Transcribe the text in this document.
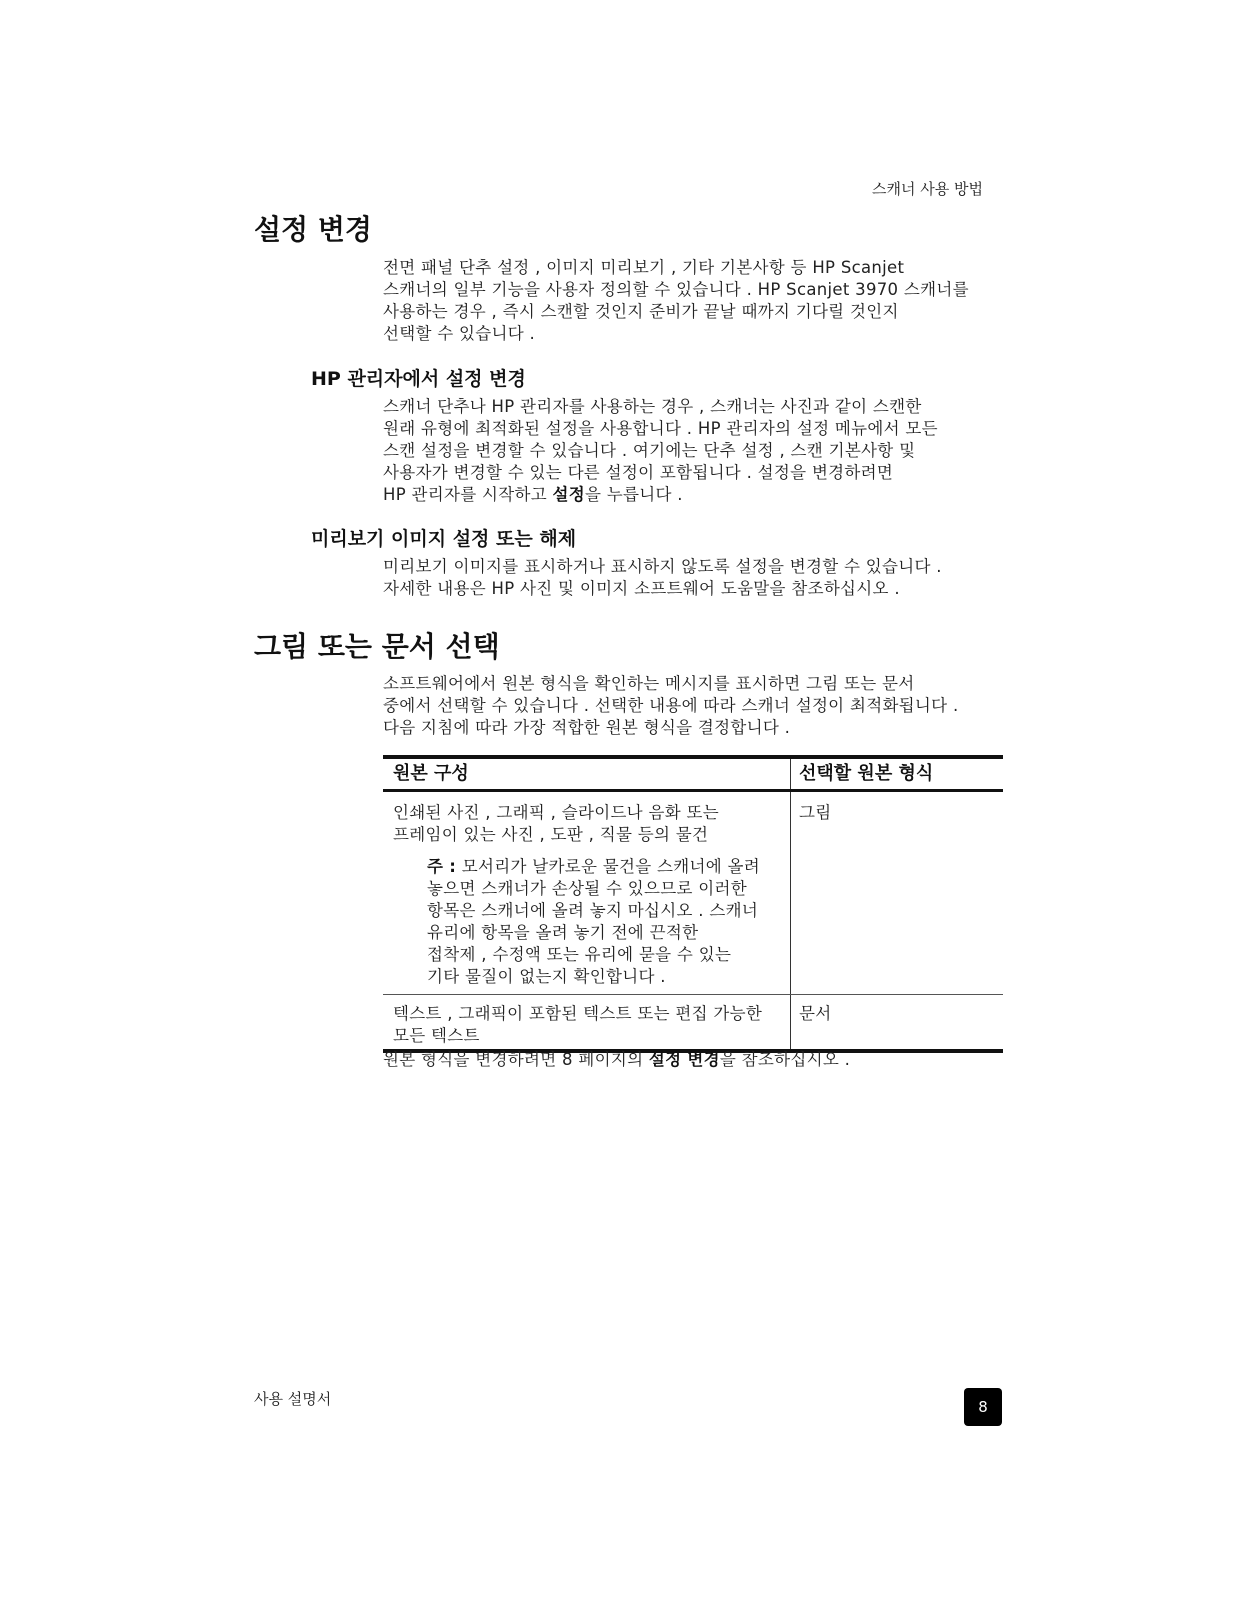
스캐너 사용 방법
설정 변경
전면 패널 단추 설정 , 이미지 미리보기 , 기타 기본사항 등 HP Scanjet
스캐너의 일부 기능을 사용자 정의할 수 있습니다 . HP Scanjet 3970 스캐너를
사용하는 경우 , 즉시 스캔할 것인지 준비가 끝날 때까지 기다릴 것인지
선택할 수 있습니다 .
HP 관리자에서 설정 변경
스캐너 단추나 HP 관리자를 사용하는 경우 , 스캐너는 사진과 같이 스캔한
원래 유형에 최적화된 설정을 사용합니다 . HP 관리자의 설정 메뉴에서 모든
스캔 설정을 변경할 수 있습니다 . 여기에는 단추 설정 , 스캔 기본사항 및
사용자가 변경할 수 있는 다른 설정이 포함됩니다 . 설정을 변경하려면
HP 관리자를 시작하고 설정을 누릅니다 .
미리보기 이미지 설정 또는 해제
미리보기 이미지를 표시하거나 표시하지 않도록 설정을 변경할 수 있습니다 .
자세한 내용은 HP 사진 및 이미지 소프트웨어 도움말을 참조하십시오 .
그림 또는 문서 선택
소프트웨어에서 원본 형식을 확인하는 메시지를 표시하면 그림 또는 문서
중에서 선택할 수 있습니다 . 선택한 내용에 따라 스캐너 설정이 최적화됩니다 .
다음 지침에 따라 가장 적합한 원본 형식을 결정합니다 .
원본 구성	선택할 원본 형식
인쇄된 사진 , 그래픽 , 슬라이드나 음화 또는
프레임이 있는 사진 , 도판 , 직물 등의 물건
주 : 모서리가 날카로운 물건을 스캐너에 올려
놓으면 스캐너가 손상될 수 있으므로 이러한
항목은 스캐너에 올려 놓지 마십시오 . 스캐너
유리에 항목을 올려 놓기 전에 끈적한
접착제 , 수정액 또는 유리에 묻을 수 있는
기타 물질이 없는지 확인합니다 .
그림
텍스트 , 그래픽이 포함된 텍스트 또는 편집 가능한
모든 텍스트
문서
원본 형식을 변경하려면 8 페이지의 설정 변경을 참조하십시오 .
사용 설명서	8
